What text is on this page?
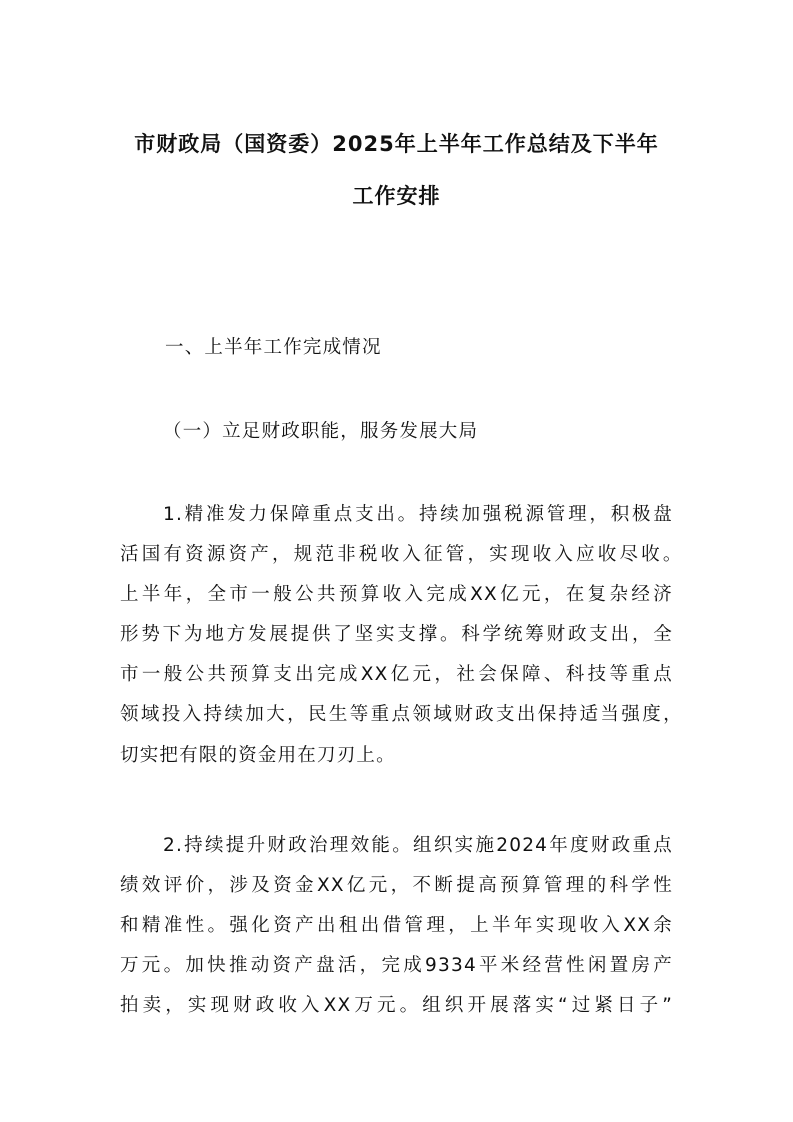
市财政局（国资委）2025年上半年工作总结及下半年

工作安排

一、上半年工作完成情况

（一）立足财政职能，服务发展大局

1.精准发力保障重点支出。持续加强税源管理，积极盘

活国有资源资产，规范非税收入征管，实现收入应收尽收。

上半年，全市一般公共预算收入完成XX亿元，在复杂经济

形势下为地方发展提供了坚实支撑。科学统筹财政支出，全

市一般公共预算支出完成XX亿元，社会保障、科技等重点

领域投入持续加大，民生等重点领域财政支出保持适当强度，

切实把有限的资金用在刀刃上。

2.持续提升财政治理效能。组织实施2024年度财政重点

绩效评价，涉及资金XX亿元，不断提高预算管理的科学性

和精准性。强化资产出租出借管理，上半年实现收入XX余

万元。加快推动资产盘活，完成9334平米经营性闲置房产

拍卖，实现财政收入XX万元。组织开展落实“过紧日子”
